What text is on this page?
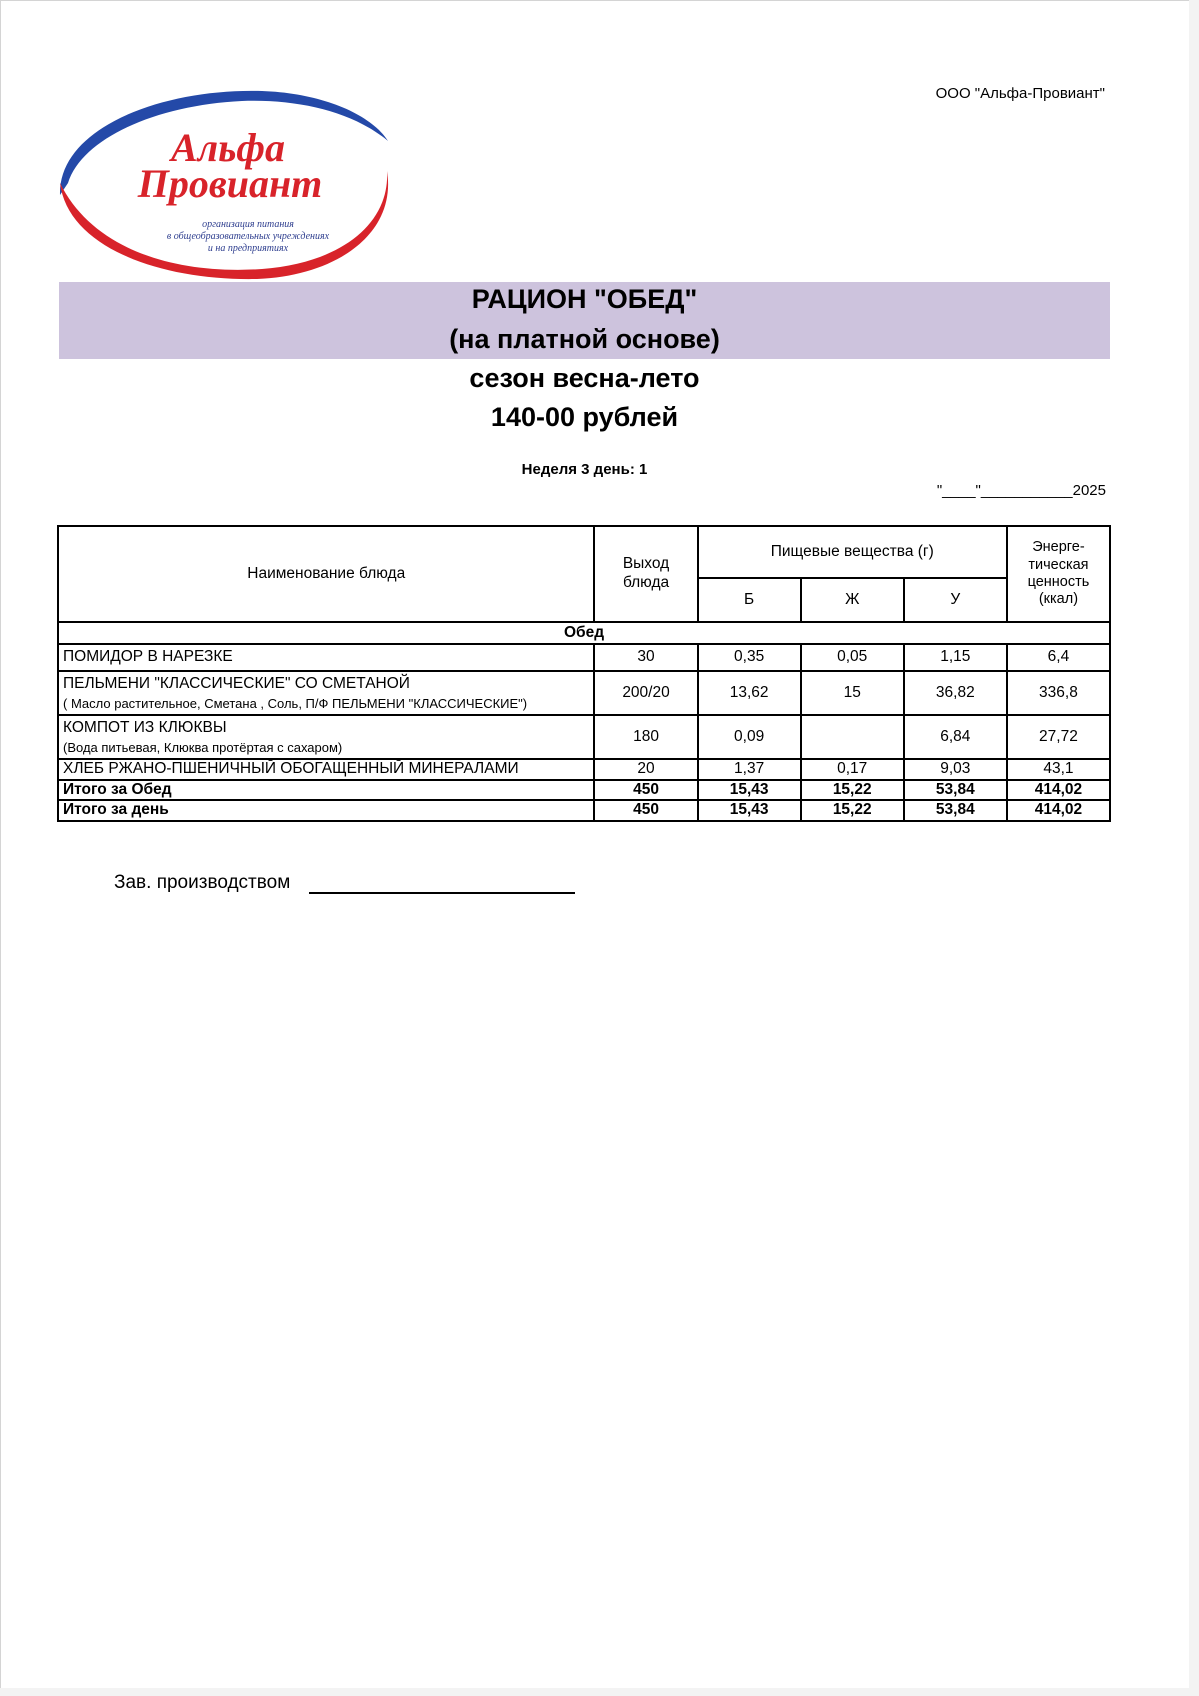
ООО "Альфа-Провиант"
Альфа
Провиант
организация питания
в общеобразовательных учреждениях
и на предприятиях
РАЦИОН "ОБЕД"
(на платной основе)
сезон весна-лето
140-00 рублей
Неделя 3 день: 1
"____"___________2025
Наименование блюда	Выход блюда	Пищевые вещества (г)			Энерге-тическая ценность (ккал)
		Б	Ж	У	
Обед					
ПОМИДОР В НАРЕЗКЕ	30	0,35	0,05	1,15	6,4
ПЕЛЬМЕНИ "КЛАССИЧЕСКИЕ" СО СМЕТАНОЙ
( Масло растительное, Сметана , Соль, П/Ф ПЕЛЬМЕНИ "КЛАССИЧЕСКИЕ")	200/20	13,62	15	36,82	336,8
КОМПОТ ИЗ КЛЮКВЫ
(Вода питьевая, Клюква протёртая с сахаром)	180	0,09		6,84	27,72
ХЛЕБ РЖАНО-ПШЕНИЧНЫЙ ОБОГАЩЕННЫЙ МИНЕРАЛАМИ	20	1,37	0,17	9,03	43,1
Итого за Обед	450	15,43	15,22	53,84	414,02
Итого за день	450	15,43	15,22	53,84	414,02
Зав. производством
